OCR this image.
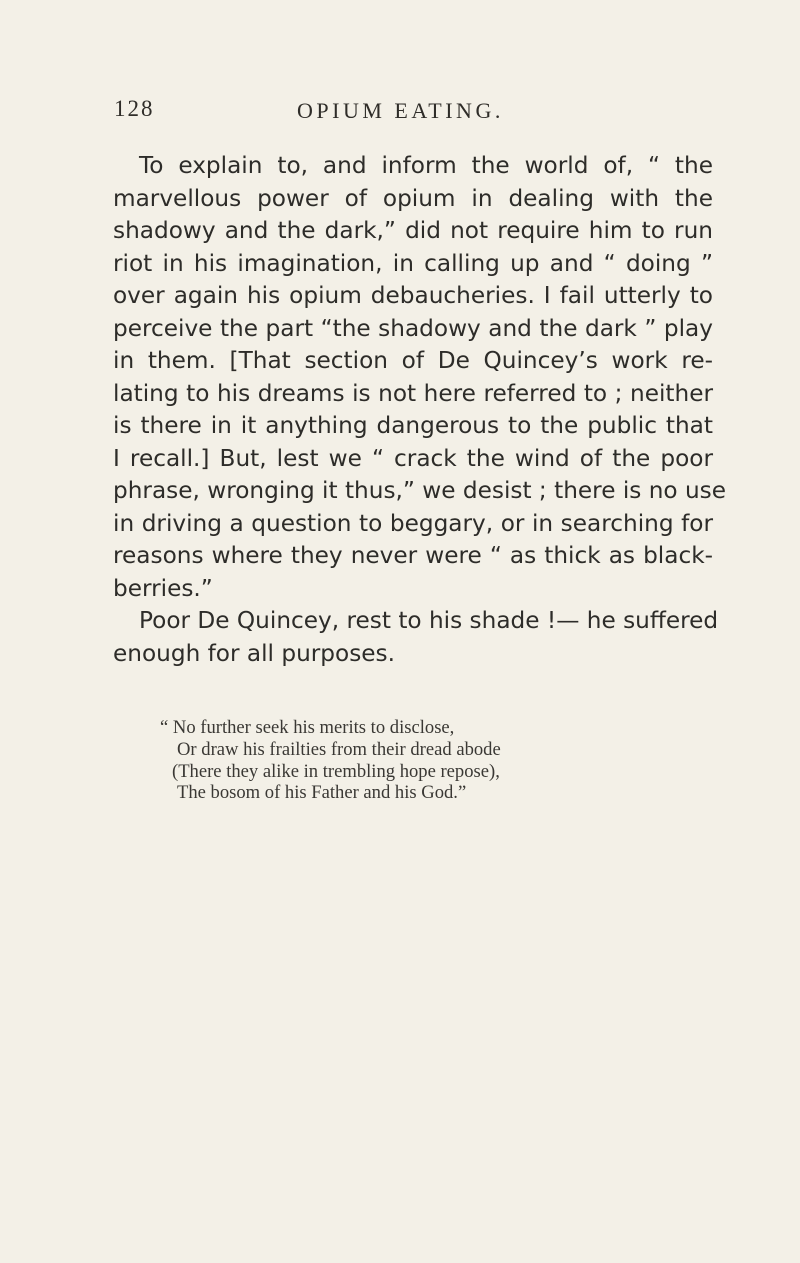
128	OPIUM EATING.
To explain to, and inform the world of, “ the
marvellous power of opium in dealing with the
shadowy and the dark,” did not require him to run
riot in his imagination, in calling up and “ doing ”
over again his opium debaucheries. I fail utterly to
perceive the part “the shadowy and the dark ” play
in them. [That section of De Quincey’s work re-
lating to his dreams is not here referred to ; neither
is there in it anything dangerous to the public that
I recall.] But, lest we “ crack the wind of the poor
phrase, wronging it thus,” we desist ; there is no use
in driving a question to beggary, or in searching for
reasons where they never were “ as thick as black-
berries.”
Poor De Quincey, rest to his shade !— he suffered
enough for all purposes.
“ No further seek his merits to disclose,
Or draw his frailties from their dread abode
(There they alike in trembling hope repose),
The bosom of his Father and his God.”
